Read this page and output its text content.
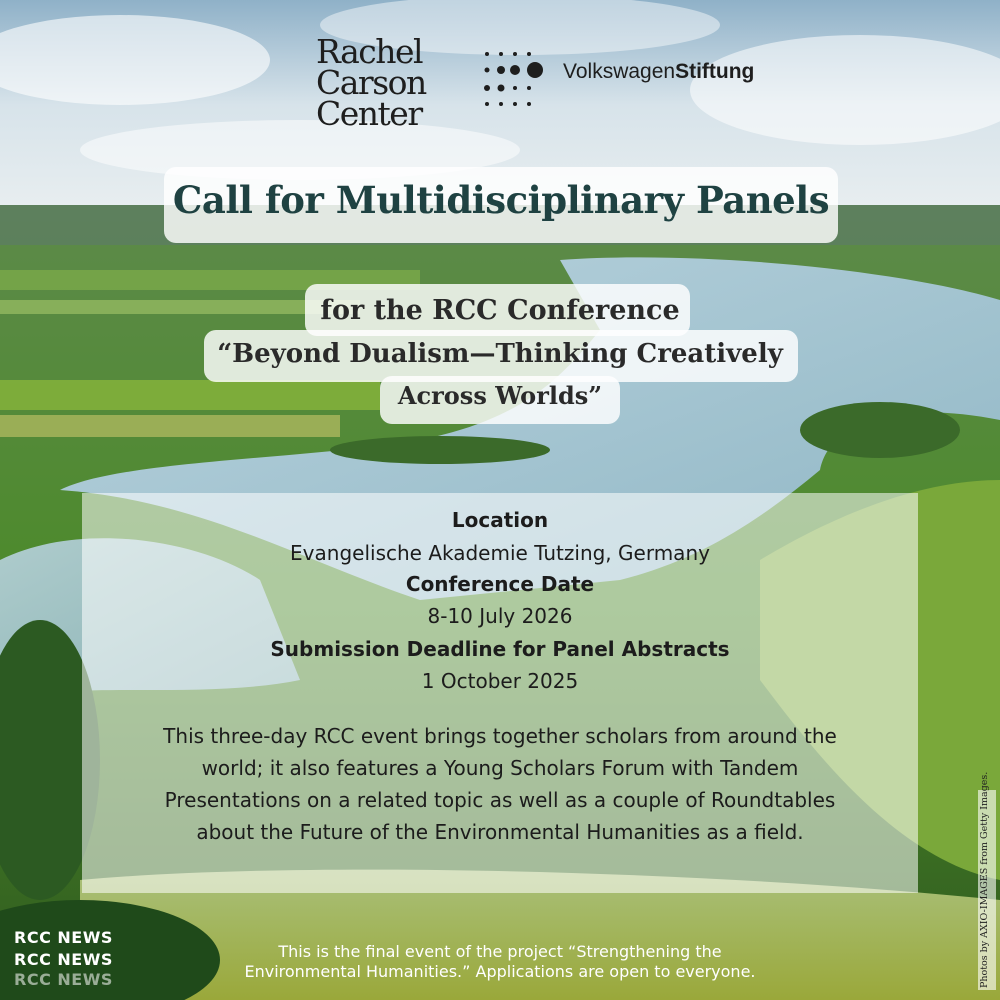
Rachel
Carson
Center
VolkswagenStiftung
Call for Multidisciplinary Panels
for the RCC Conference
“Beyond Dualism—Thinking Creatively
Across Worlds”
Location
Evangelische Akademie Tutzing, Germany
Conference Date
8-10 July 2026
Submission Deadline for Panel Abstracts
1 October 2025
This three-day RCC event brings together scholars from around the world; it also features a Young Scholars Forum with Tandem Presentations on a related topic as well as a couple of Roundtables about the Future of the Environmental Humanities as a field.
This is the final event of the project “Strengthening the
Environmental Humanities.” Applications are open to everyone.
RCC NEWS
RCC NEWS
RCC NEWS	Photos by AXIO-IMAGES from Getty Images.
